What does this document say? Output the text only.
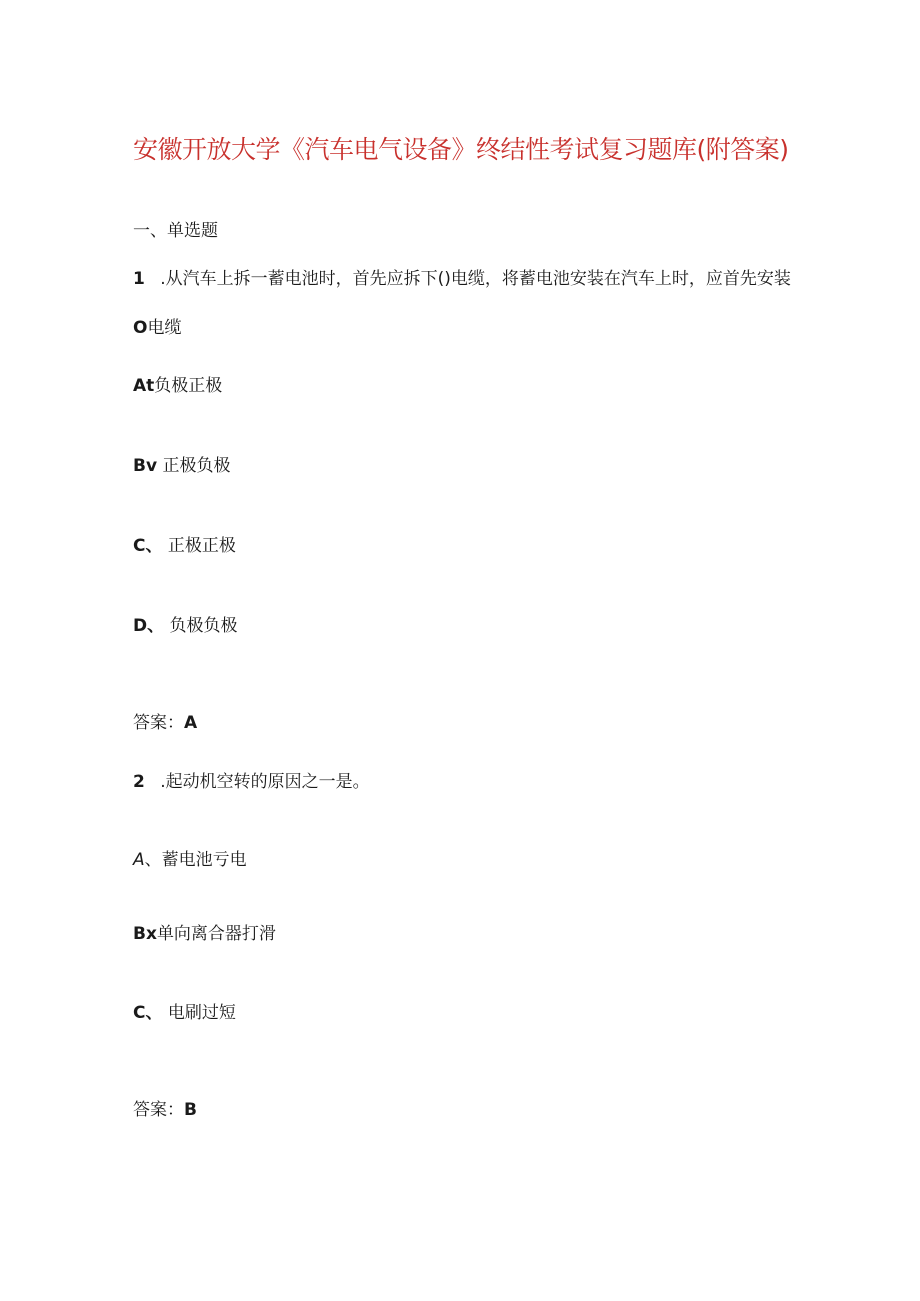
安徽开放大学《汽车电气设备》终结性考试复习题库(附答案)
一、单选题
1 .从汽车上拆一蓄电池时，首先应拆下()电缆，将蓄电池安装在汽车上时，应首先安装
O电缆
At负极正极
Bv 正极负极
C、 正极正极
D、 负极负极
答案：A
2 .起动机空转的原因之一是。
A、蓄电池亏电
Bx单向离合器打滑
C、 电刷过短
答案：B
